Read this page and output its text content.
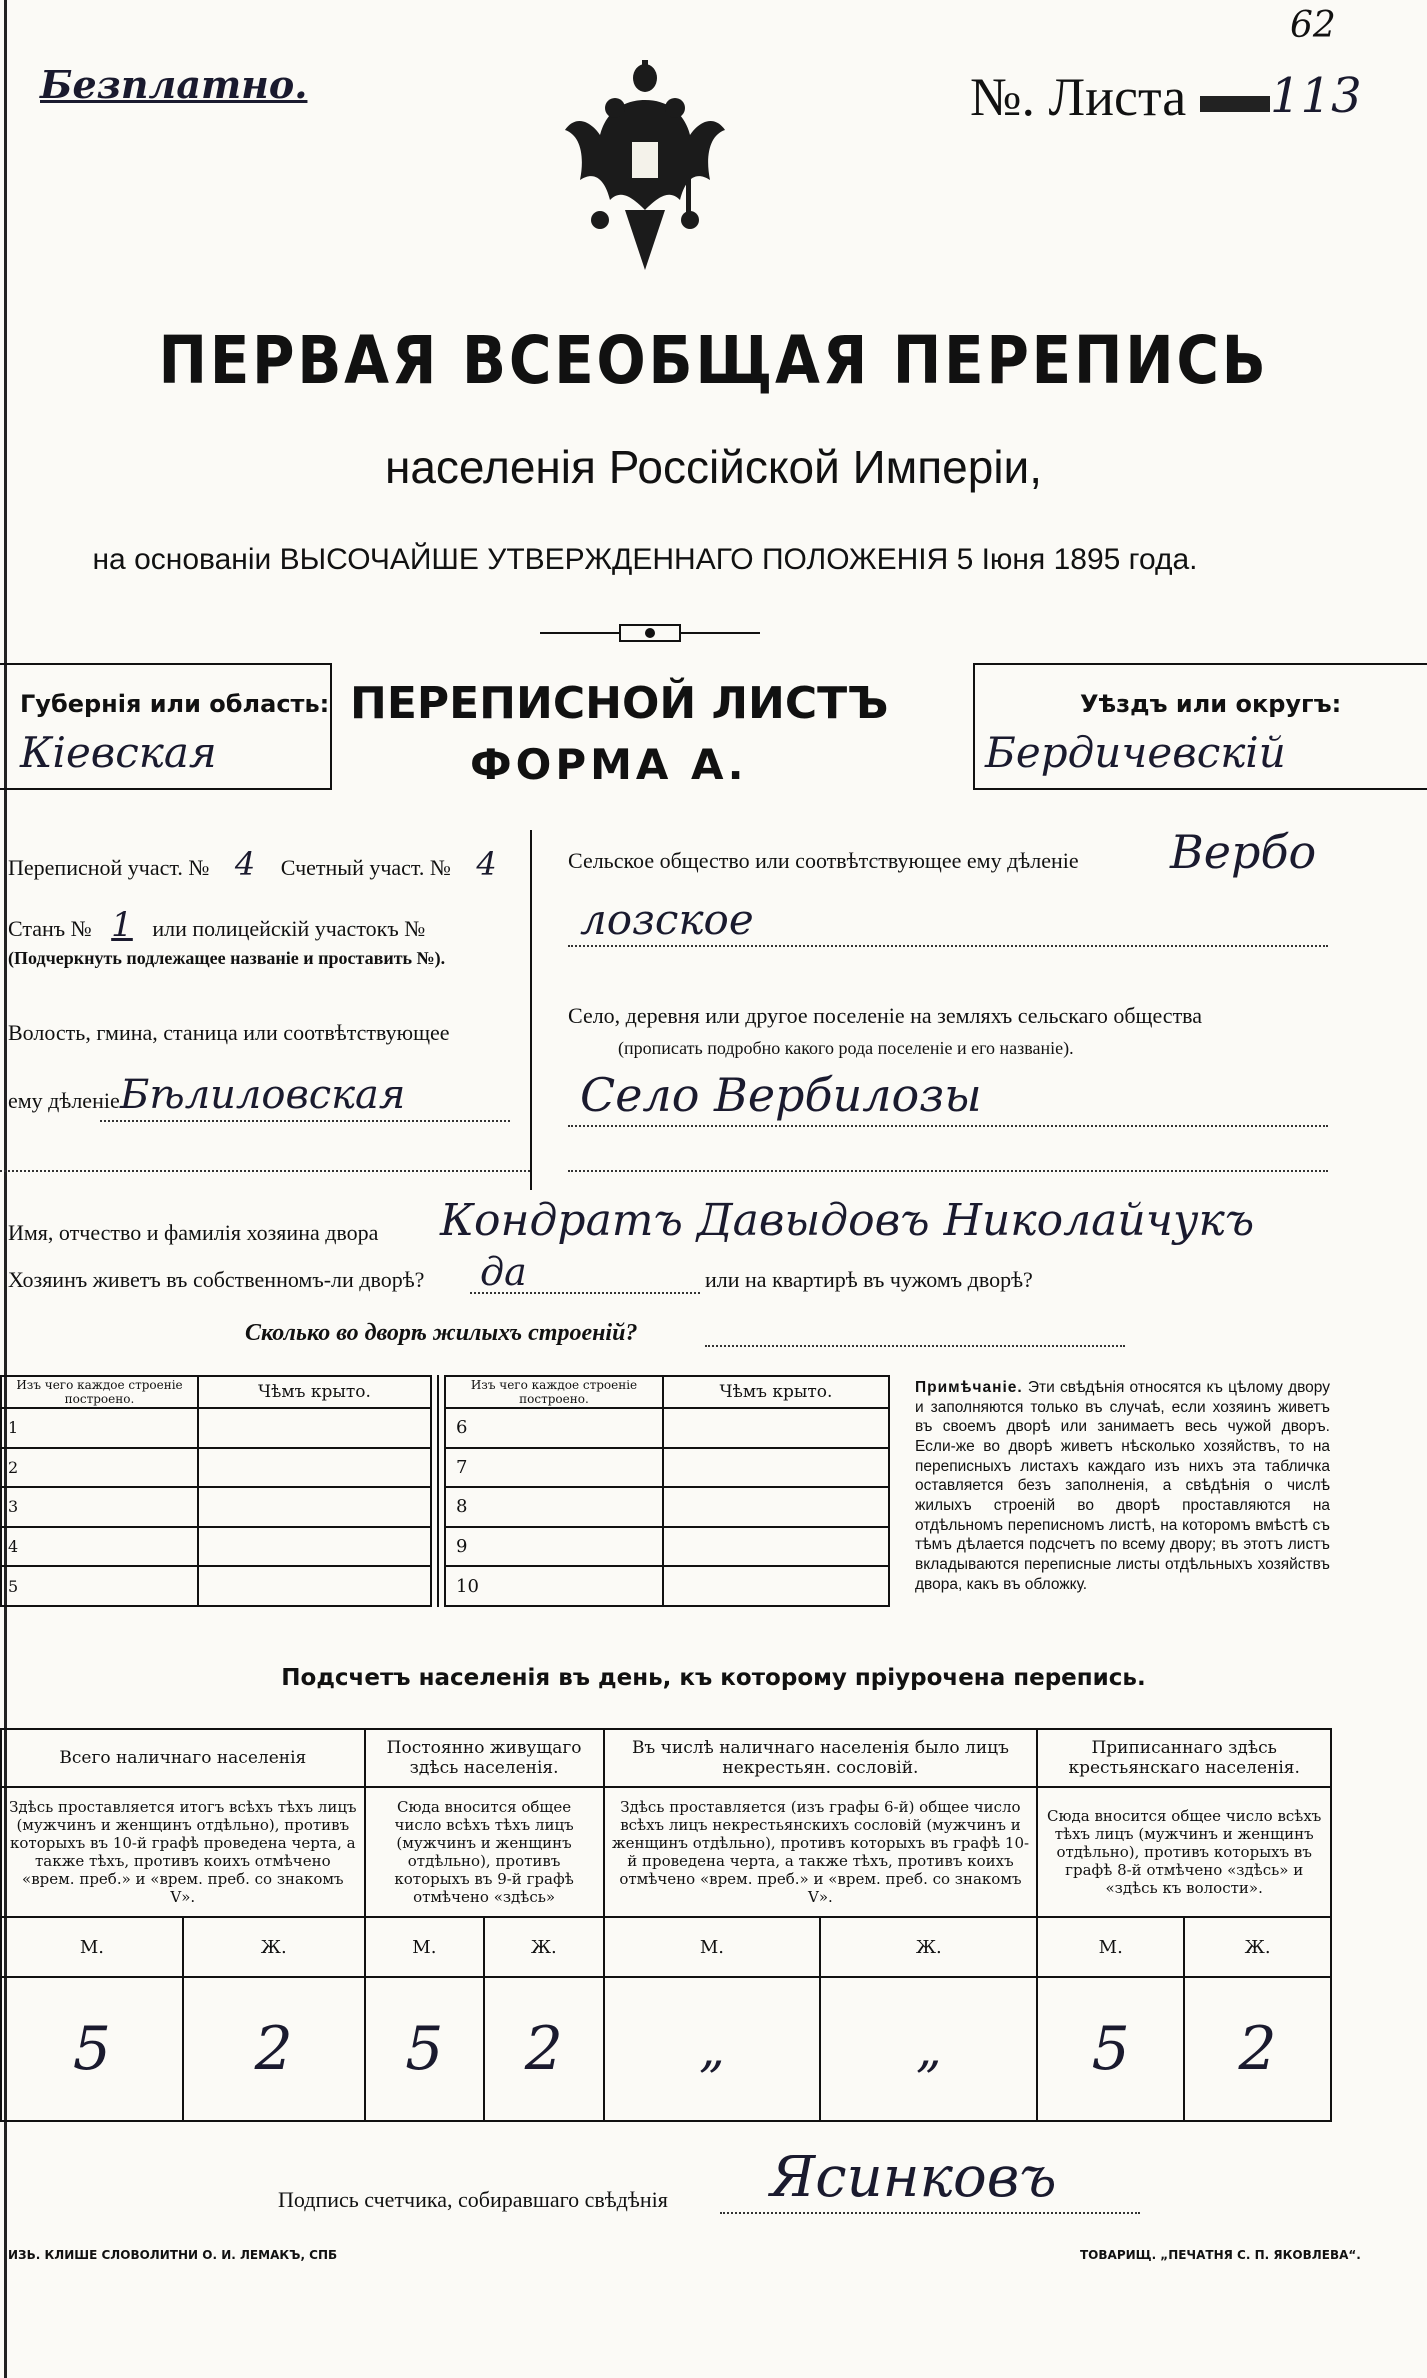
Безплатно.
62
№. Листа 113
ПЕРВАЯ ВСЕОБЩАЯ ПЕРЕПИСЬ
населенія Россійской Имперіи,
на основаніи ВЫСОЧАЙШЕ УТВЕРЖДЕННАГО ПОЛОЖЕНІЯ 5 Іюня 1895 года.
Губернія или область:
Кіевская
ПЕРЕПИСНОЙ ЛИСТЪ
ФОРМА А.
Уѣздъ или округъ:
Бердичевскій
Переписной участ. № 4 Счетный участ. № 4
Станъ № 1 или полицейскій участокъ №
(Подчеркнуть подлежащее названіе и проставить №).
Волость, гмина, станица или соотвѣтствующее
ему дѣленіе Бѣлиловская
Сельское общество или соотвѣтствующее ему дѣленіе Вербо
лозское
Село, деревня или другое поселеніе на земляхъ сельскаго общества
(прописать подробно какого рода поселеніе и его названіе).
Село Вербилозы
Имя, отчество и фамилія хозяина двора Кондратъ Давыдовъ Николайчукъ
Хозяинъ живетъ въ собственномъ-ли дворѣ? да	или на квартирѣ въ чужомъ дворѣ?
Сколько во дворѣ жилыхъ строеній?
Изъ чего каждое строеніе построено.	Чѣмъ крыто.
1	
2	
3	
4	
5	
Изъ чего каждое строеніе построено.	Чѣмъ крыто.
6	
7	
8	
9	
10	
Примѣчаніе. Эти свѣдѣнія относятся къ цѣлому двору и заполняются только въ случаѣ, если хозяинъ живетъ въ своемъ дворѣ или занимаетъ весь чужой дворъ. Если-же во дворѣ живетъ нѣсколько хозяйствъ, то на переписныхъ листахъ каждаго изъ нихъ эта табличка оставляется безъ заполненія, а свѣдѣнія о числѣ жилыхъ строеній во дворѣ проставляются на отдѣльномъ переписномъ листѣ, на которомъ вмѣстѣ съ тѣмъ дѣлается подсчетъ по всему двору; въ этотъ листъ вкладываются переписные листы отдѣльныхъ хозяйствъ двора, какъ въ обложку.
Подсчетъ населенія въ день, къ которому пріурочена перепись.
Всего наличнаго населенія		Постоянно живущаго здѣсь населенія.		Въ числѣ наличнаго населенія было лицъ некрестьян. сословій.		Приписаннаго здѣсь крестьянскаго населенія.	
Здѣсь проставляется итогъ всѣхъ тѣхъ лицъ (мужчинъ и женщинъ отдѣльно), противъ которыхъ въ 10-й графѣ проведена черта, а также тѣхъ, противъ коихъ отмѣчено «врем. преб.» и «врем. преб. со знакомъ V».		Сюда вносится общее число всѣхъ тѣхъ лицъ (мужчинъ и женщинъ отдѣльно), противъ которыхъ въ 9-й графѣ отмѣчено «здѣсь»		Здѣсь проставляется (изъ графы 6-й) общее число всѣхъ лицъ некрестьянскихъ сословій (мужчинъ и женщинъ отдѣльно), противъ которыхъ въ графѣ 10-й проведена черта, а также тѣхъ, противъ коихъ отмѣчено «врем. преб.» и «врем. преб. со знакомъ V».		Сюда вносится общее число всѣхъ тѣхъ лицъ (мужчинъ и женщинъ отдѣльно), противъ которыхъ въ графѣ 8-й отмѣчено «здѣсь» и «здѣсь къ волости».	
М.	Ж.	М.	Ж.	М.	Ж.	М.	Ж.
5	2	5	2	„	„	5	2
Подпись счетчика, собиравшаго свѣдѣнія Ясинковъ
ИЗЬ. КЛИШЕ СЛОВОЛИТНИ О. И. ЛЕМАКЪ, СПБ	ТОВАРИЩ. „ПЕЧАТНЯ С. П. ЯКОВЛЕВА“.
